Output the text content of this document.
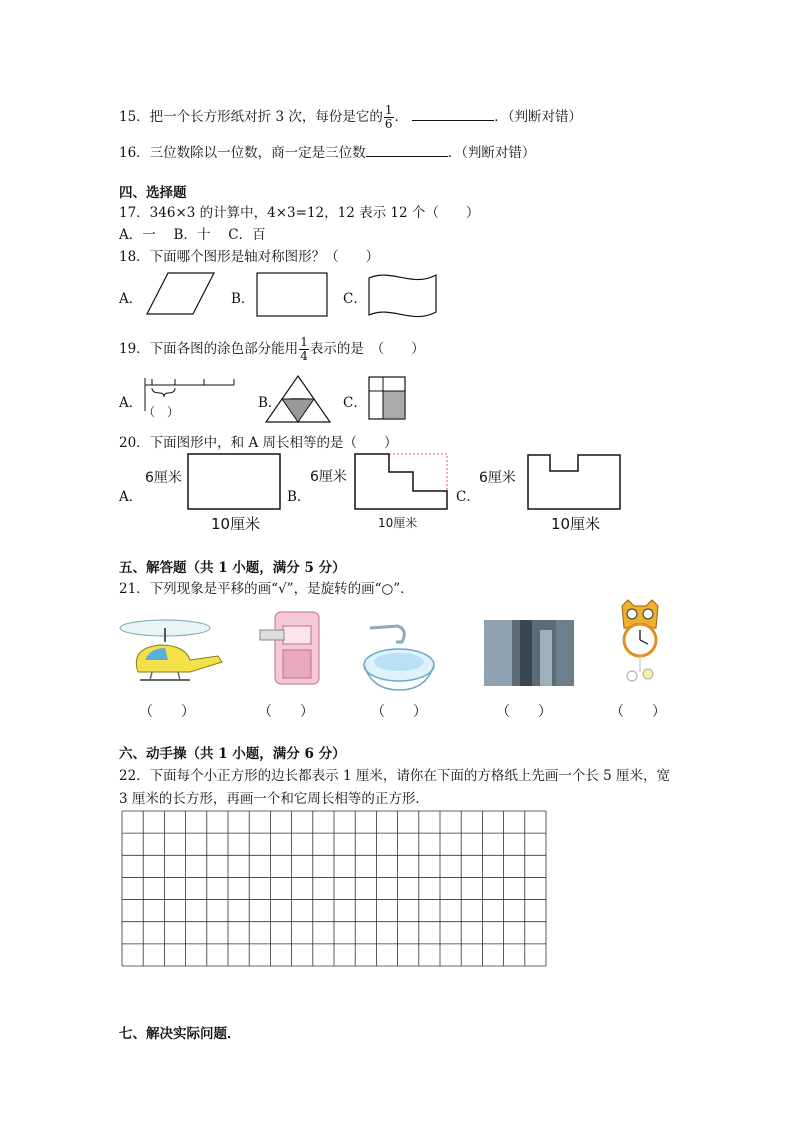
15．把一个长方形纸对折 3 次，每份是它的 $\frac{1}{6}$ ．	．（判断对错）
16．三位数除以一位数，商一定是三位数	．（判断对错）
四、选择题
17．346×3 的计算中，4×3=12，12 表示 12 个（　　）
A．一　 B．十　 C．百
18．下面哪个图形是轴对称图形？（　　）
A．	B．	C．
19．下面各图的涂色部分能用 $\frac{1}{4}$ 表示的是　（　　）
A．	B．	C．
（　）
20．下面图形中，和 A 周长相等的是（　　）
A．	B．	C．
6厘米	6厘米	6厘米
10厘米	10厘米	10厘米
五、解答题（共 1 小题，满分 5 分）
21．下列现象是平移的画“√”，是旋转的画“○”．
（　　）	（　　）	（　　）	（　　）	（　　）
六、动手操（共 1 小题，满分 6 分）
22．下面每个小正方形的边长都表示 1 厘米，请你在下面的方格纸上先画一个长 5 厘米，宽
3 厘米的长方形，再画一个和它周长相等的正方形．
七、解决实际问题．
